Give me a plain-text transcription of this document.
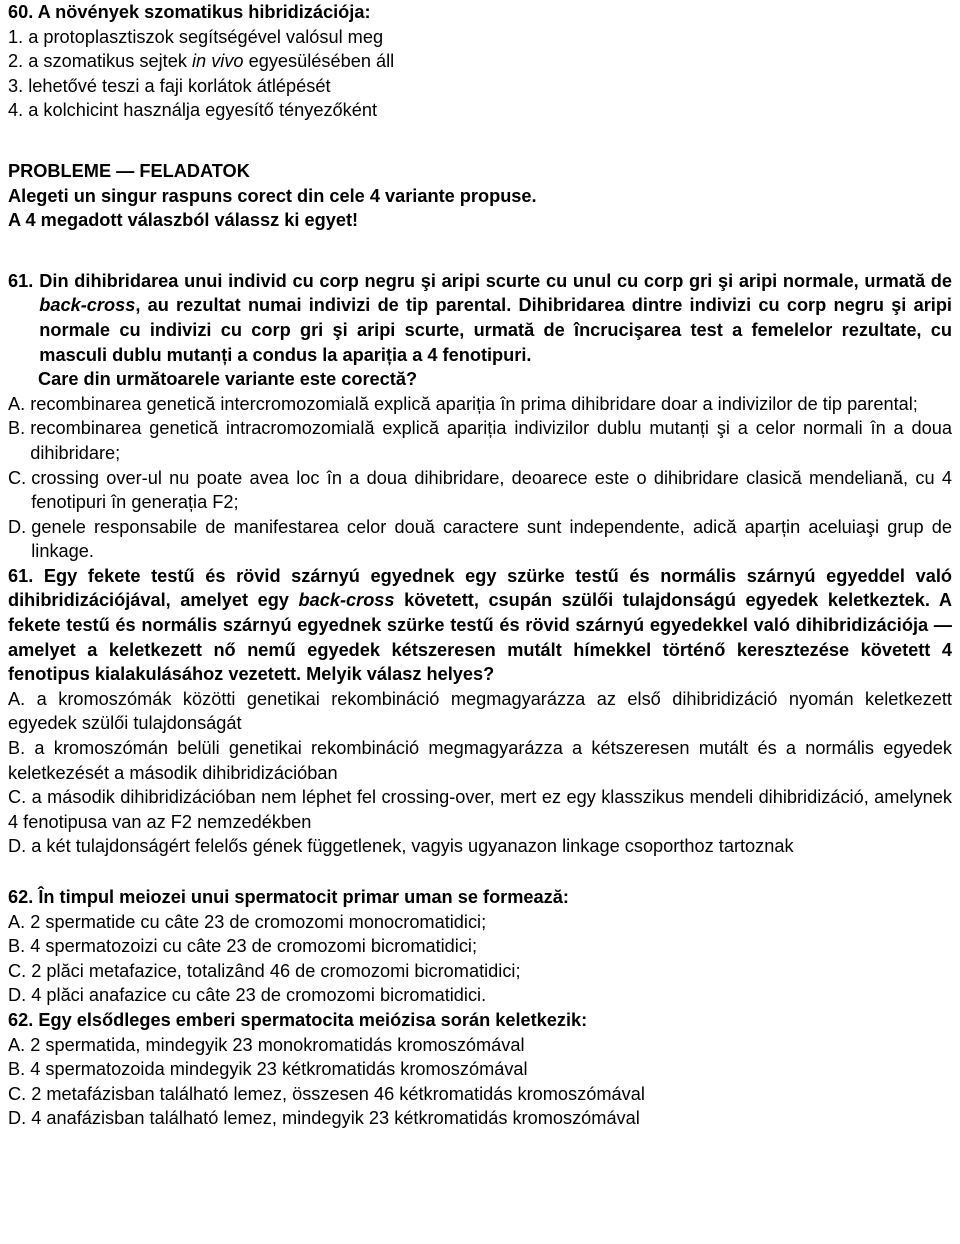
60. A növények szomatikus hibridizációja:
1. a protoplasztiszok segítségével valósul meg
2. a szomatikus sejtek in vivo egyesülésében áll
3. lehetővé teszi a faji korlátok átlépését
4. a kolchicint használja egyesítő tényezőként
PROBLEME — FELADATOK
Alegeti un singur raspuns corect din cele 4 variante propuse.
A 4 megadott válaszból válassz ki egyet!
61. Din dihibridarea unui individ cu corp negru şi aripi scurte cu unul cu corp gri şi aripi normale, urmată de back-cross, au rezultat numai indivizi de tip parental. Dihibridarea dintre indivizi cu corp negru şi aripi normale cu indivizi cu corp gri şi aripi scurte, urmată de încrucişarea test a femelelor rezultate, cu masculi dublu mutanți a condus la apariția a 4 fenotipuri.
Care din următoarele variante este corectă?
A. recombinarea genetică intercromozomială explică apariția în prima dihibridare doar a indivizilor de tip parental;
B. recombinarea genetică intracromozomială explică apariția indivizilor dublu mutanți şi a celor normali în a doua dihibridare;
C. crossing over-ul nu poate avea loc în a doua dihibridare, deoarece este o dihibridare clasică mendeliană, cu 4 fenotipuri în generația F2;
D. genele responsabile de manifestarea celor două caractere sunt independente, adică aparțin aceluiaşi grup de linkage.
61. Egy fekete testű és rövid szárnyú egyednek egy szürke testű és normális szárnyú egyeddel való dihibridizációjával, amelyet egy back-cross követett, csupán szülői tulajdonságú egyedek keletkeztek. A fekete testű és normális szárnyú egyednek szürke testű és rövid szárnyú egyedekkel való dihibridizációja — amelyet a keletkezett nő nemű egyedek kétszeresen mutált hímekkel történő keresztezése követett 4 fenotipus kialakulásához vezetett. Melyik válasz helyes?
A. a kromoszómák közötti genetikai rekombináció megmagyarázza az első dihibridizáció nyomán keletkezett egyedek szülői tulajdonságát
B. a kromoszómán belüli genetikai rekombináció megmagyarázza a kétszeresen mutált és a normális egyedek keletkezését a második dihibridizációban
C. a második dihibridizációban nem léphet fel crossing-over, mert ez egy klasszikus mendeli dihibridizáció, amelynek 4 fenotipusa van az F2 nemzedékben
D. a két tulajdonságért felelős gének függetlenek, vagyis ugyanazon linkage csoporthoz tartoznak
62. În timpul meiozei unui spermatocit primar uman se formează:
A. 2 spermatide cu câte 23 de cromozomi monocromatidici;
B. 4 spermatozoizi cu câte 23 de cromozomi bicromatidici;
C. 2 plăci metafazice, totalizând 46 de cromozomi bicromatidici;
D. 4 plăci anafazice cu câte 23 de cromozomi bicromatidici.
62. Egy elsődleges emberi spermatocita meiózisa során keletkezik:
A. 2 spermatida, mindegyik 23 monokromatidás kromoszómával
B. 4 spermatozoida mindegyik 23 kétkromatidás kromoszómával
C. 2 metafázisban található lemez, összesen 46 kétkromatidás kromoszómával
D. 4 anafázisban található lemez, mindegyik 23 kétkromatidás kromoszómával
